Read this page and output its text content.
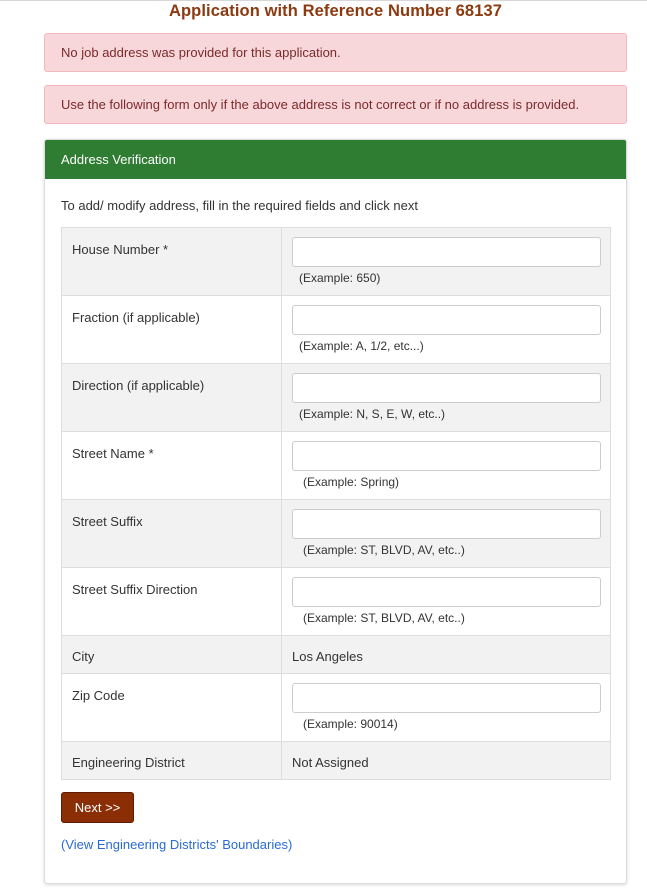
Application with Reference Number 68137
No job address was provided for this application.
Use the following form only if the above address is not correct or if no address is provided.
Address Verification
To add/ modify address, fill in the required fields and click next
House Number *	(Example: 650)

Fraction (if applicable)	(Example: A, 1/2, etc...)

Direction (if applicable)	(Example: N, S, E, W, etc..)

Street Name *	(Example: Spring)

Street Suffix	(Example: ST, BLVD, AV, etc..)

Street Suffix Direction	(Example: ST, BLVD, AV, etc..)

City	Los Angeles
Zip Code	(Example: 90014)

Engineering District	Not Assigned
Next >>
(View Engineering Districts' Boundaries)
